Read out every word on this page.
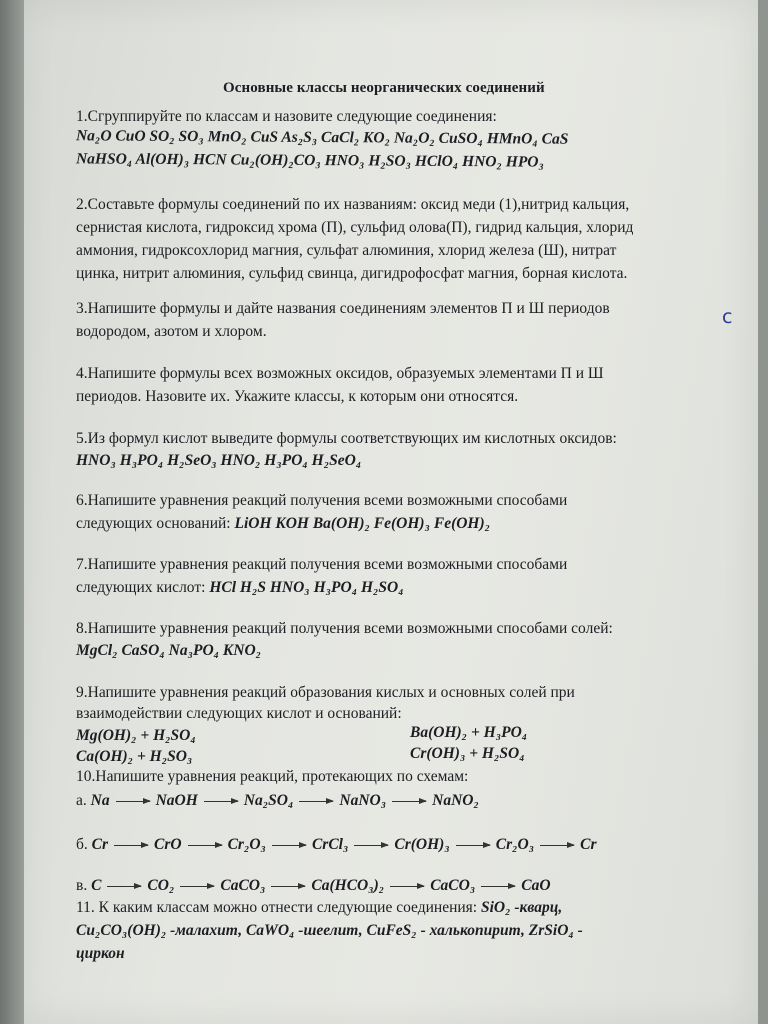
Основные классы неорганических соединений
1.Сгруппируйте по классам и назовите следующие соединения:
Na₂O CuO SO₂ SO₃ MnO₂ CuS As₂S₃ CaCl₂ KO₂ Na₂O₂ CuSO₄ HMnO₄ CaS
NaHSO₄ Al(OH)₃ HCN Cu₂(OH)₂CO₃ HNO₃ H₂SO₃ HClO₄ HNO₂ HPO₃
2.Составьте формулы соединений по их названиям: оксид меди (1),нитрид кальция,
сернистая кислота, гидроксид хрома (П), сульфид олова(П), гидрид кальция, хлорид
аммония, гидроксохлорид магния, сульфат алюминия, хлорид железа (Ш), нитрат
цинка, нитрит алюминия, сульфид свинца, дигидрофосфат магния, борная кислота.
3.Напишите формулы и дайте названия соединениям элементов П и Ш периодов
водородом, азотом и хлором.
4.Напишите формулы всех возможных оксидов, образуемых элементами П и Ш
периодов. Назовите их. Укажите классы, к которым они относятся.
5.Из формул кислот выведите формулы соответствующих им кислотных оксидов:
HNO₃ H₃PO₄ H₂SeO₃ HNO₂ H₃PO₄ H₂SeO₄
6.Напишите уравнения реакций получения всеми возможными способами
следующих оснований: LiOH KOH Ba(OH)₂ Fe(OH)₃ Fe(OH)₂
7.Напишите уравнения реакций получения всеми возможными способами
следующих кислот: HCl H₂S HNO₃ H₃PO₄ H₂SO₄
8.Напишите уравнения реакций получения всеми возможными способами солей:
MgCl₂ CaSO₄ Na₃PO₄ KNO₂
9.Напишите уравнения реакций образования кислых и основных солей при
взаимодействии следующих кислот и оснований:
Mg(OH)₂ + H₂SO₄	Ba(OH)₂ + H₃PO₄
Ca(OH)₂ + H₂SO₃	Cr(OH)₃ + H₂SO₄
10.Напишите уравнения реакций, протекающих по схемам:
а. Na → NaOH → Na₂SO₄ → NaNO₃ → NaNO₂
б. Cr → CrO → Cr₂O₃ → CrCl₃ → Cr(OH)₃ → Cr₂O₃ → Cr
в. C → CO₂ → CaCO₃ → Ca(HCO₃)₂ → CaCO₃ → CaO
11. К каким классам можно отнести следующие соединения: SiO₂ -кварц,
Cu₂CO₃(OH)₂ -малахит, CaWO₄ -шеелит, CuFeS₂ - халькопирит, ZrSiO₄ -
циркон
с
